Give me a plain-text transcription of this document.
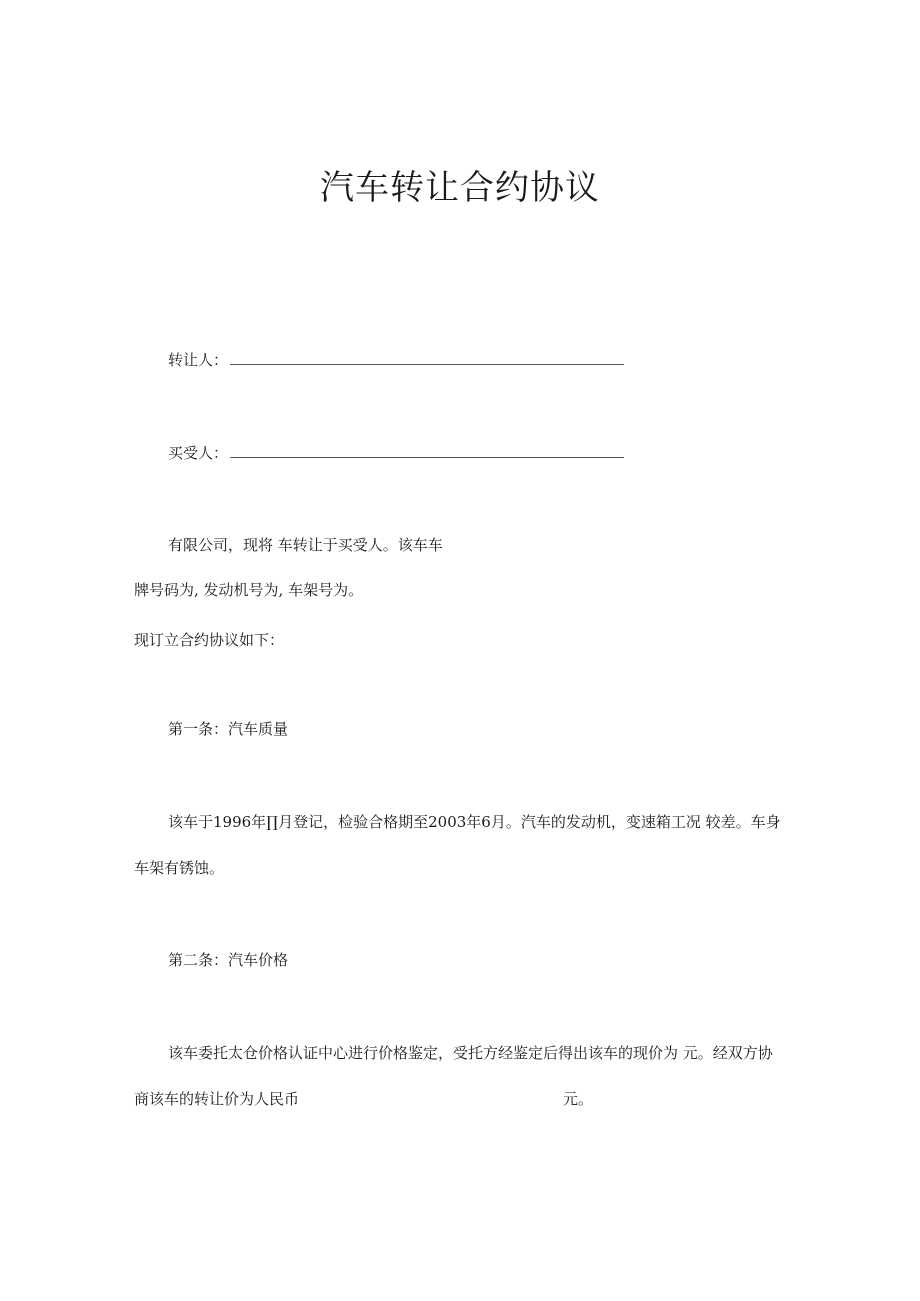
汽车转让合约协议
转让人：
买受人：
有限公司，现将 车转让于买受人。该车车
牌号码为, 发动机号为, 车架号为。
现订立合约协议如下：
第一条：汽车质量
该车于1996年∏月登记，检验合格期至2003年6月。汽车的发动机，变速箱工况 较差。车身
车架有锈蚀。
第二条：汽车价格
该车委托太仓价格认证中心进行价格鉴定，受托方经鉴定后得出该车的现价为 元。经双方协
商该车的转让价为人民币	元。
